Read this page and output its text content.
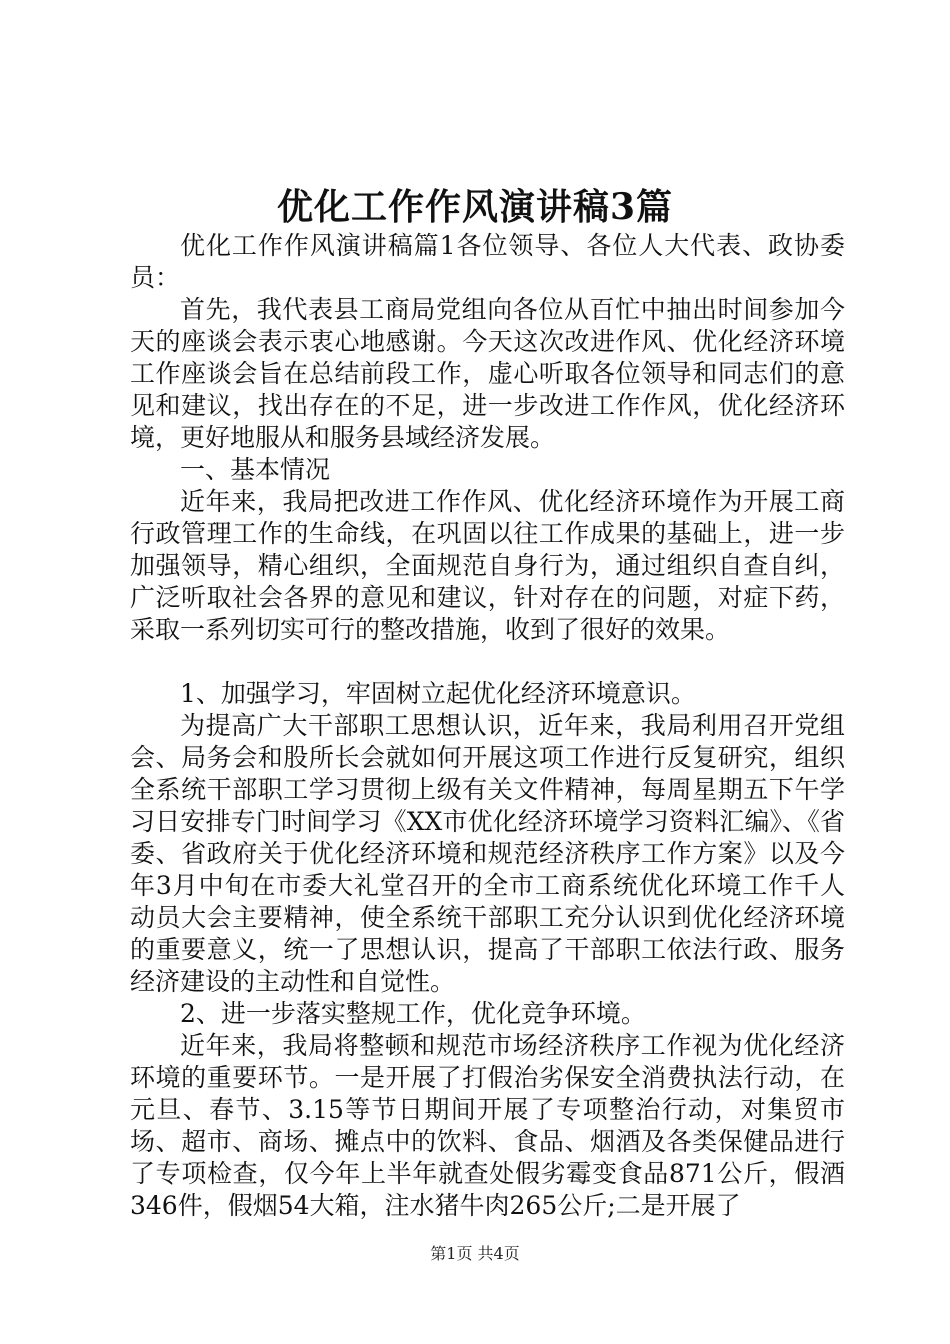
优化工作作风演讲稿3篇

优化工作作风演讲稿篇1各位领导、各位人大代表、政协委员：

首先，我代表县工商局党组向各位从百忙中抽出时间参加今天的座谈会表示衷心地感谢。今天这次改进作风、优化经济环境工作座谈会旨在总结前段工作，虚心听取各位领导和同志们的意见和建议，找出存在的不足，进一步改进工作作风，优化经济环境，更好地服从和服务县域经济发展。

一、基本情况

近年来，我局把改进工作作风、优化经济环境作为开展工商行政管理工作的生命线，在巩固以往工作成果的基础上，进一步加强领导，精心组织，全面规范自身行为，通过组织自查自纠，广泛听取社会各界的意见和建议，针对存在的问题，对症下药，采取一系列切实可行的整改措施，收到了很好的效果。

1、加强学习，牢固树立起优化经济环境意识。

为提高广大干部职工思想认识，近年来，我局利用召开党组会、局务会和股所长会就如何开展这项工作进行反复研究，组织全系统干部职工学习贯彻上级有关文件精神，每周星期五下午学习日安排专门时间学习《XX市优化经济环境学习资料汇编》、《省委、省政府关于优化经济环境和规范经济秩序工作方案》以及今年3月中旬在市委大礼堂召开的全市工商系统优化环境工作千人动员大会主要精神，使全系统干部职工充分认识到优化经济环境的重要意义，统一了思想认识，提高了干部职工依法行政、服务经济建设的主动性和自觉性。

2、进一步落实整规工作，优化竞争环境。

近年来，我局将整顿和规范市场经济秩序工作视为优化经济环境的重要环节。一是开展了打假治劣保安全消费执法行动，在元旦、春节、3.15等节日期间开展了专项整治行动，对集贸市场、超市、商场、摊点中的饮料、食品、烟酒及各类保健品进行了专项检查，仅今年上半年就查处假劣霉变食品871公斤，假酒346件，假烟54大箱，注水猪牛肉265公斤;二是开展了

第1页 共4页
